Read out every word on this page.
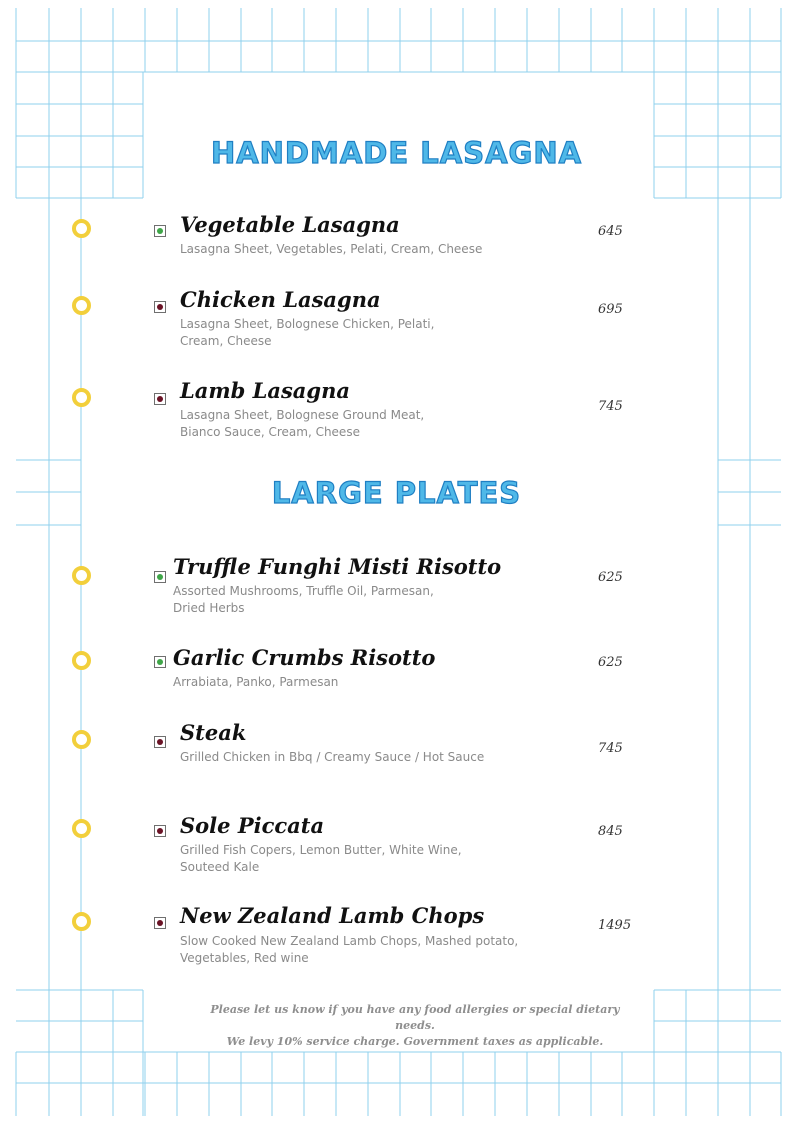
HANDMADE LASAGNA
Vegetable Lasagna
Lasagna Sheet, Vegetables, Pelati, Cream, Cheese
645
Chicken Lasagna
Lasagna Sheet, Bolognese Chicken, Pelati,
Cream, Cheese
695
Lamb Lasagna
Lasagna Sheet, Bolognese Ground Meat,
Bianco Sauce, Cream, Cheese
745
LARGE PLATES
Truffle Funghi Misti Risotto
Assorted Mushrooms, Truffle Oil, Parmesan,
Dried Herbs
625
Garlic Crumbs Risotto
Arrabiata, Panko, Parmesan
625
Steak
Grilled Chicken in Bbq / Creamy Sauce / Hot Sauce
745
Sole Piccata
Grilled Fish Copers, Lemon Butter, White Wine,
Souteed Kale
845
New Zealand Lamb Chops
Slow Cooked New Zealand Lamb Chops, Mashed potato,
Vegetables, Red wine
1495
Please let us know if you have any food allergies or special dietary needs.
We levy 10% service charge. Government taxes as applicable.
